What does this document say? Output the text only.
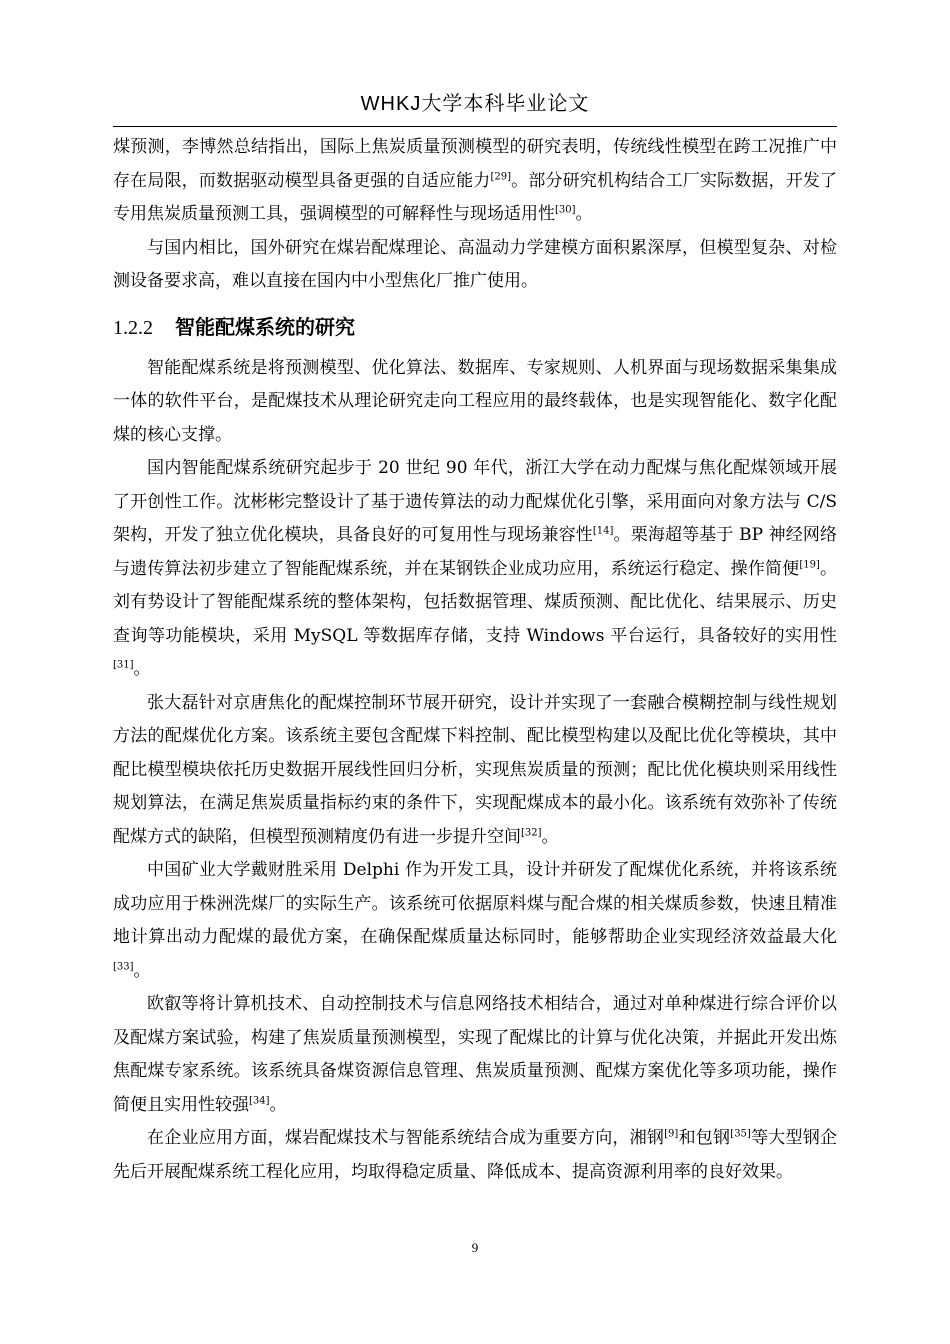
WHKJ大学本科毕业论文

煤预测，李博然总结指出，国际上焦炭质量预测模型的研究表明，传统线性模型在跨工况推广中存在局限，而数据驱动模型具备更强的自适应能力[29]。部分研究机构结合工厂实际数据，开发了专用焦炭质量预测工具，强调模型的可解释性与现场适用性[30]。

与国内相比，国外研究在煤岩配煤理论、高温动力学建模方面积累深厚，但模型复杂、对检测设备要求高，难以直接在国内中小型焦化厂推广使用。

1.2.2 智能配煤系统的研究

智能配煤系统是将预测模型、优化算法、数据库、专家规则、人机界面与现场数据采集集成一体的软件平台，是配煤技术从理论研究走向工程应用的最终载体，也是实现智能化、数字化配煤的核心支撑。

国内智能配煤系统研究起步于 20 世纪 90 年代，浙江大学在动力配煤与焦化配煤领域开展了开创性工作。沈彬彬完整设计了基于遗传算法的动力配煤优化引擎，采用面向对象方法与 C/S 架构，开发了独立优化模块，具备良好的可复用性与现场兼容性[14]。栗海超等基于 BP 神经网络与遗传算法初步建立了智能配煤系统，并在某钢铁企业成功应用，系统运行稳定、操作简便[19]。刘有势设计了智能配煤系统的整体架构，包括数据管理、煤质预测、配比优化、结果展示、历史查询等功能模块，采用 MySQL 等数据库存储，支持 Windows 平台运行，具备较好的实用性[31]。

张大磊针对京唐焦化的配煤控制环节展开研究，设计并实现了一套融合模糊控制与线性规划方法的配煤优化方案。该系统主要包含配煤下料控制、配比模型构建以及配比优化等模块，其中配比模型模块依托历史数据开展线性回归分析，实现焦炭质量的预测；配比优化模块则采用线性规划算法，在满足焦炭质量指标约束的条件下，实现配煤成本的最小化。该系统有效弥补了传统配煤方式的缺陷，但模型预测精度仍有进一步提升空间[32]。

中国矿业大学戴财胜采用 Delphi 作为开发工具，设计并研发了配煤优化系统，并将该系统成功应用于株洲洗煤厂的实际生产。该系统可依据原料煤与配合煤的相关煤质参数，快速且精准地计算出动力配煤的最优方案，在确保配煤质量达标同时，能够帮助企业实现经济效益最大化[33]。

欧叡等将计算机技术、自动控制技术与信息网络技术相结合，通过对单种煤进行综合评价以及配煤方案试验，构建了焦炭质量预测模型，实现了配煤比的计算与优化决策，并据此开发出炼焦配煤专家系统。该系统具备煤资源信息管理、焦炭质量预测、配煤方案优化等多项功能，操作简便且实用性较强[34]。

在企业应用方面，煤岩配煤技术与智能系统结合成为重要方向，湘钢[9]和包钢[35]等大型钢企先后开展配煤系统工程化应用，均取得稳定质量、降低成本、提高资源利用率的良好效果。

9
